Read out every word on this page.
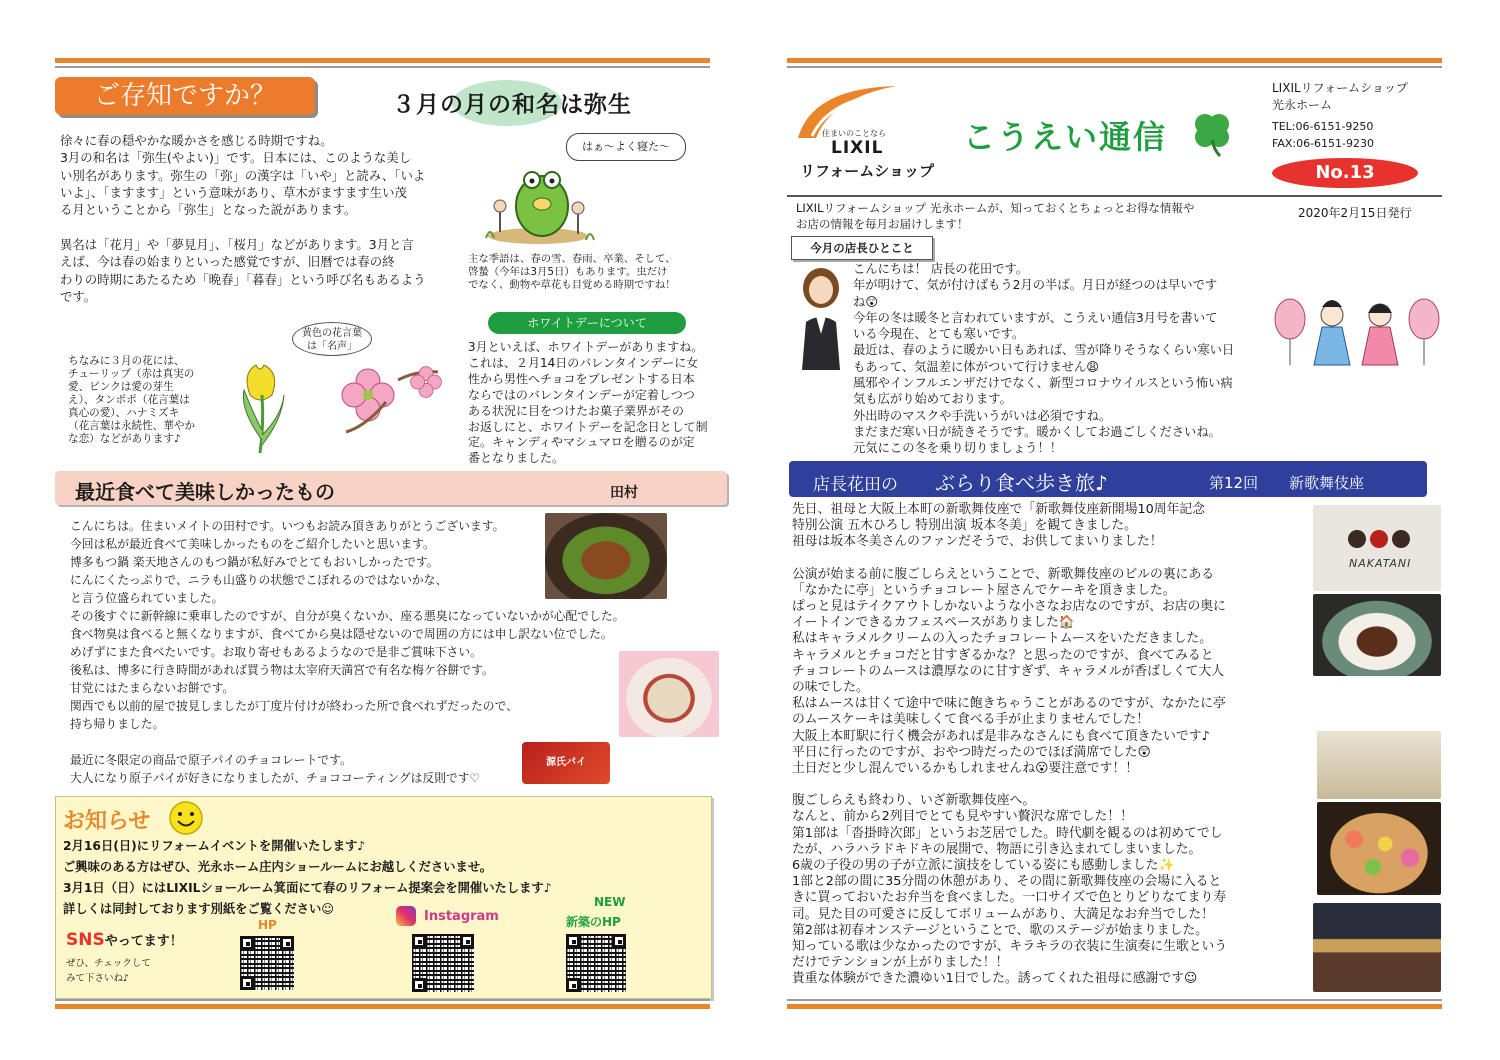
ご存知ですか？	３月の月の和名は弥生
徐々に春の穏やかな暖かさを感じる時期ですね。
3月の和名は「弥生(やよい)」です。日本には、このような美し
い別名があります。弥生の「弥」の漢字は「いや」と読み、「いよ
いよ」、「ますます」という意味があり、草木がますます生い茂
る月ということから「弥生」となった説があります。
異名は「花月」や「夢見月」、「桜月」などがあります。3月と言
えば、今は春の始まりといった感覚ですが、旧暦では春の終
わりの時期にあたるため「晩春」「暮春」という呼び名もあるよう
です。
はぁ～よく寝た～
主な季語は、春の雪、春雨、卒業、そして、
啓蟄（今年は3月5日）もあります。虫だけ
でなく、動物や草花も目覚める時期ですね！
ホワイトデーについて
3月といえば、ホワイトデーがありますね。
これは、２月14日のバレンタインデーに女
性から男性へチョコをプレゼントする日本
ならではのバレンタインデーが定着しつつ
ある状況に目をつけたお菓子業界がその
お返しにと、ホワイトデーを記念日として制
定。キャンディやマシュマロを贈るのが定
番となりました。
ちなみに３月の花には、
チューリップ（赤は真実の
愛、ピンクは愛の芽生
え）、タンポポ（花言葉は
真心の愛）、ハナミズキ
（花言葉は永続性、華やか
な恋）などがあります♪
黄色の花言葉
は「名声」
最近食べて美味しかったもの	田村
こんにちは。住まいメイトの田村です。いつもお読み頂きありがとうございます。
今回は私が最近食べて美味しかったものをご紹介したいと思います。
博多もつ鍋 楽天地さんのもつ鍋が私好みでとてもおいしかったです。
にんにくたっぷりで、ニラも山盛りの状態でこぼれるのではないかな、
と言う位盛られていました。
その後すぐに新幹線に乗車したのですが、自分が臭くないか、座る悪臭になっていないかが心配でした。
食べ物臭は食べると無くなりますが、食べてから臭は隠せないので周囲の方には申し訳ない位でした。
めげずにまた食べたいです。お取り寄せもあるようなので是非ご賞味下さい。
後私は、博多に行き時間があれば買う物は太宰府天満宮で有名な梅ケ谷餅です。
甘党にはたまらないお餅です。
関西でも以前的屋で披見しましたが丁度片付けが終わった所で食べれずだったので、
持ち帰りました。
最近に冬限定の商品で原子パイのチョコレートです。
大人になり原子パイが好きになりましたが、チョココーティングは反則です♡
源氏パイ
お知らせ
2月16日(日)にリフォームイベントを開催いたします♪
ご興味のある方はぜひ、光永ホーム庄内ショールームにお越しくださいませ。
3月1日（日）にはLIXILショールーム箕面にて春のリフォーム提案会を開催いたします♪
詳しくは同封しております別紙をご覧ください☺
SNSやってます！
ぜひ、チェックして
みて下さいね♪
HP
Instagram
NEW
新築のHP
住まいのことなら
LIXIL
リフォームショップ
こうえい通信
LIXILリフォームショップ
光永ホーム
TEL:06-6151-9250
FAX:06-6151-9230
No.13
LIXILリフォームショップ 光永ホームが、知っておくとちょっとお得な情報や
お店の情報を毎月お届けします！
2020年2月15日発行
今月の店長ひとこと
こんにちは！ 店長の花田です。
年が明けて、気が付けばもう2月の半ば。月日が経つのは早いです
ね😲
今年の冬は暖冬と言われていますが、こうえい通信3月号を書いて
いる今現在、とても寒いです。
最近は、春のように暖かい日もあれば、雪が降りそうなくらい寒い日
もあって、気温差に体がついて行けません😩
風邪やインフルエンザだけでなく、新型コロナウイルスという怖い病
気も広がり始めております。
外出時のマスクや手洗いうがいは必須ですね。
まだまだ寒い日が続きそうです。暖かくしてお過ごしくださいね。
元気にこの冬を乗り切りましょう！！
店長花田の ぶらり食べ歩き旅♪	第12回 新歌舞伎座
先日、祖母と大阪上本町の新歌舞伎座で「新歌舞伎座新開場10周年記念
特別公演 五木ひろし 特別出演 坂本冬美」を観てきました。
祖母は坂本冬美さんのファンだそうで、お供してまいりました！
公演が始まる前に腹ごしらえということで、新歌舞伎座のビルの裏にある
「なかたに亭」というチョコレート屋さんでケーキを頂きました。
ぱっと見はテイクアウトしかないような小さなお店なのですが、お店の奥に
イートインできるカフェスペースがありました🏠
私はキャラメルクリームの入ったチョコレートムースをいただきました。
キャラメルとチョコだと甘すぎるかな？と思ったのですが、食べてみると
チョコレートのムースは濃厚なのに甘すぎず、キャラメルが香ばしくて大人
の味でした。
私はムースは甘くて途中で味に飽きちゃうことがあるのですが、なかたに亭
のムースケーキは美味しくて食べる手が止まりませんでした！
大阪上本町駅に行く機会があれば是非みなさんにも食べて頂きたいです♪
平日に行ったのですが、おやつ時だったのでほぼ満席でした😲
土日だと少し混んでいるかもしれませんね😮要注意です！！
腹ごしらえも終わり、いざ新歌舞伎座へ。
なんと、前から2列目でとても見やすい贅沢な席でした！！
第1部は「沓掛時次郎」というお芝居でした。時代劇を観るのは初めてでし
たが、ハラハラドキドキの展開で、物語に引き込まれてしまいました。
6歳の子役の男の子が立派に演技をしている姿にも感動しました✨
1部と2部の間に35分間の休憩があり、その間に新歌舞伎座の会場に入ると
きに買っておいたお弁当を食べました。一口サイズで色とりどりなてまり寿
司。見た目の可愛さに反してボリュームがあり、大満足なお弁当でした！
第2部は初春オンステージということで、歌のステージが始まりました。
知っている歌は少なかったのですが、キラキラの衣装に生演奏に生歌という
だけでテンションが上がりました！！
貴重な体験ができた濃ゆい1日でした。誘ってくれた祖母に感謝です☺
NAKATANI
